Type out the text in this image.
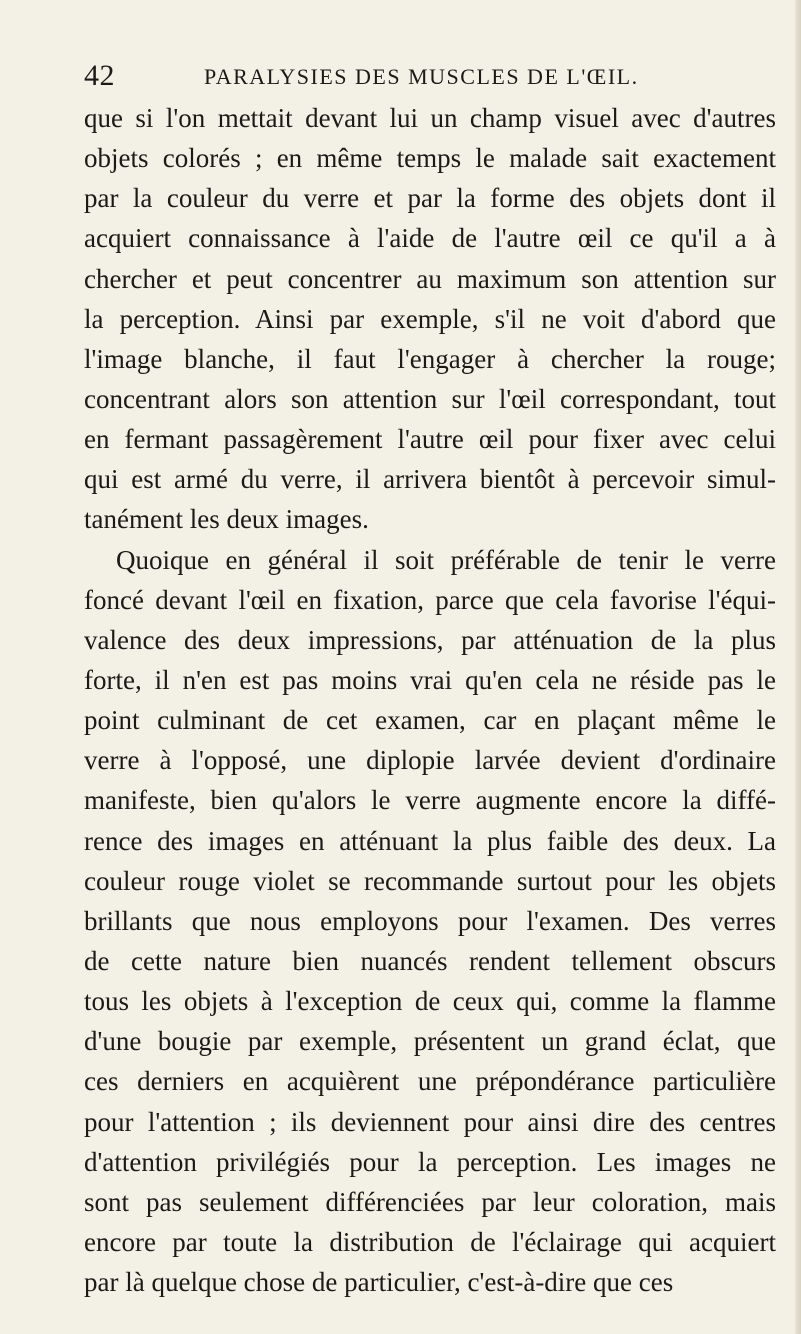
42	PARALYSIES DES MUSCLES DE L'ŒIL.
que si l'on mettait devant lui un champ visuel avec d'autres
objets colorés ; en même temps le malade sait exactement
par la couleur du verre et par la forme des objets dont il
acquiert connaissance à l'aide de l'autre œil ce qu'il a à
chercher et peut concentrer au maximum son attention sur
la perception. Ainsi par exemple, s'il ne voit d'abord que
l'image blanche, il faut l'engager à chercher la rouge;
concentrant alors son attention sur l'œil correspondant, tout
en fermant passagèrement l'autre œil pour fixer avec celui
qui est armé du verre, il arrivera bientôt à percevoir simul-
tanément les deux images.
Quoique en général il soit préférable de tenir le verre
foncé devant l'œil en fixation, parce que cela favorise l'équi-
valence des deux impressions, par atténuation de la plus
forte, il n'en est pas moins vrai qu'en cela ne réside pas le
point culminant de cet examen, car en plaçant même le
verre à l'opposé, une diplopie larvée devient d'ordinaire
manifeste, bien qu'alors le verre augmente encore la diffé-
rence des images en atténuant la plus faible des deux. La
couleur rouge violet se recommande surtout pour les objets
brillants que nous employons pour l'examen. Des verres
de cette nature bien nuancés rendent tellement obscurs
tous les objets à l'exception de ceux qui, comme la flamme
d'une bougie par exemple, présentent un grand éclat, que
ces derniers en acquièrent une prépondérance particulière
pour l'attention ; ils deviennent pour ainsi dire des centres
d'attention privilégiés pour la perception. Les images ne
sont pas seulement différenciées par leur coloration, mais
encore par toute la distribution de l'éclairage qui acquiert
par là quelque chose de particulier, c'est-à-dire que ces
